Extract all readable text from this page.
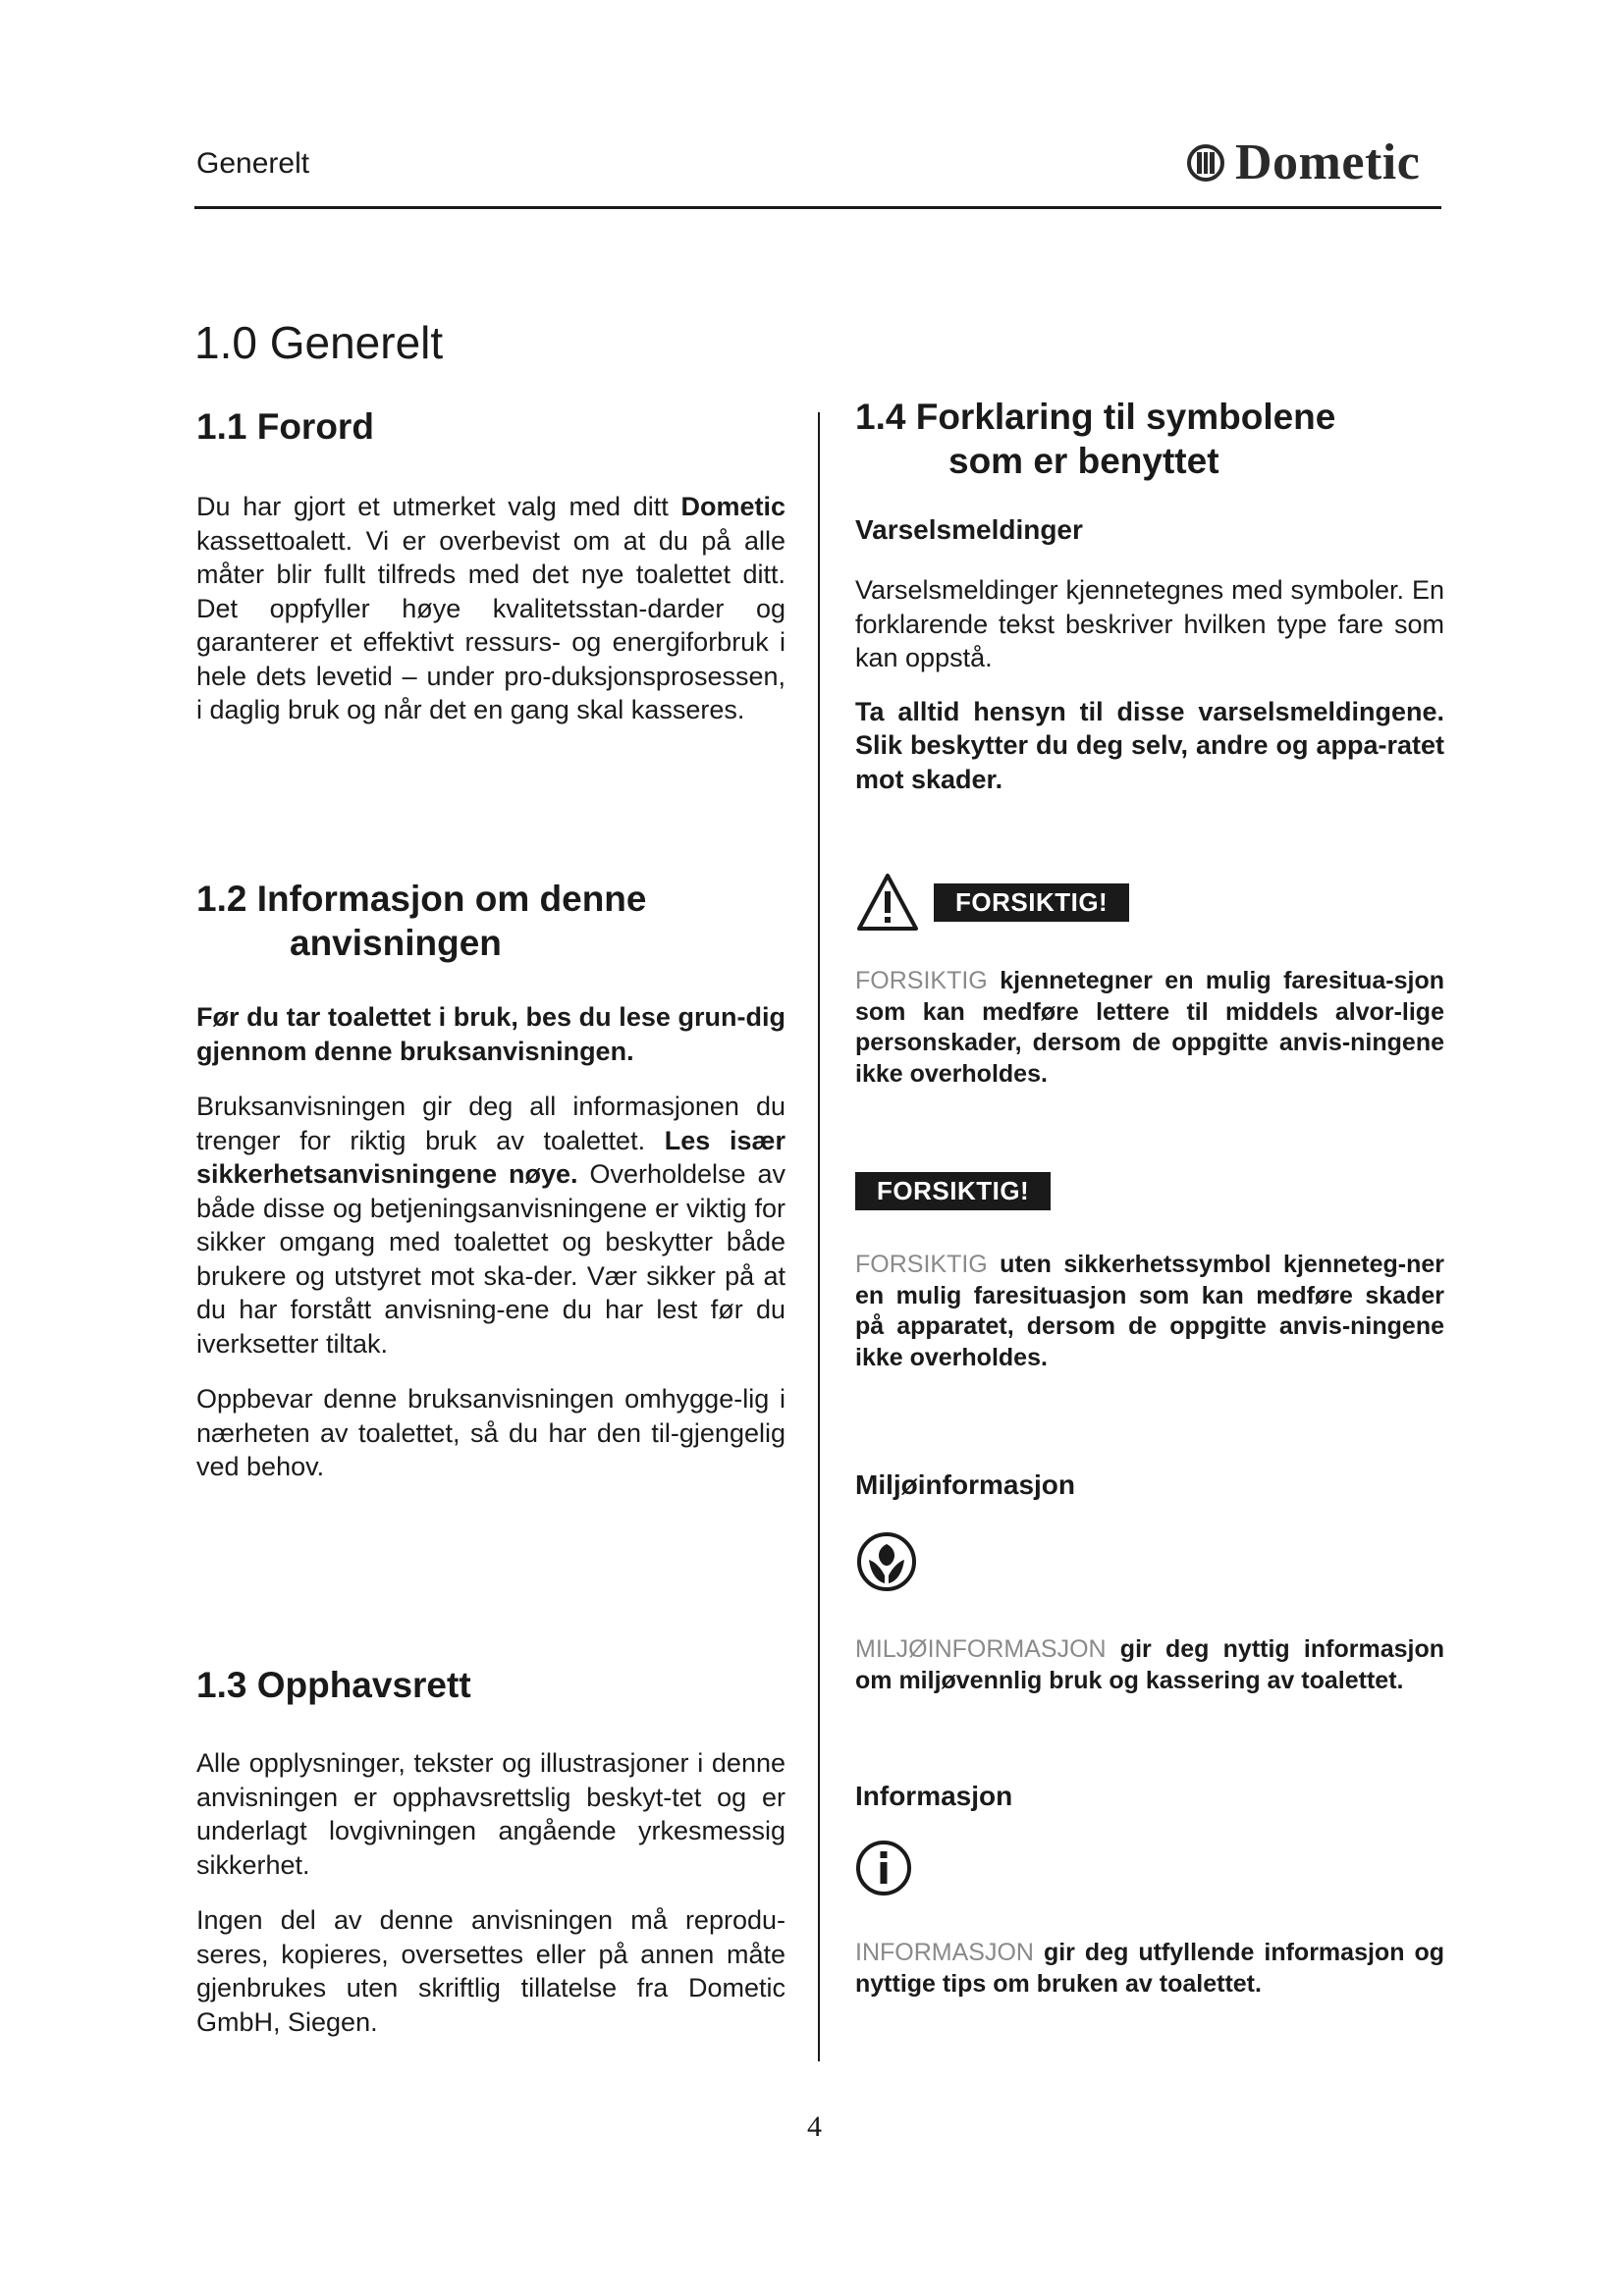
Generelt	Dometic
1.0 Generelt
1.1 Forord

Du har gjort et utmerket valg med ditt Dometic kassettoalett. Vi er overbevist om at du på alle måter blir fullt tilfreds med det nye toalettet ditt. Det oppfyller høye kvalitetsstan-darder og garanterer et effektivt ressurs- og energiforbruk i hele dets levetid – under pro-duksjonsprosessen, i daglig bruk og når det en gang skal kasseres.

1.2 Informasjon om denne
anvisningen

Før du tar toalettet i bruk, bes du lese grun-dig gjennom denne bruksanvisningen.

Bruksanvisningen gir deg all informasjonen du trenger for riktig bruk av toalettet. Les især sikkerhetsanvisningene nøye. Overholdelse av både disse og betjeningsanvisningene er viktig for sikker omgang med toalettet og beskytter både brukere og utstyret mot ska-der. Vær sikker på at du har forstått anvisning-ene du har lest før du iverksetter tiltak.

Oppbevar denne bruksanvisningen omhygge-lig i nærheten av toalettet, så du har den til-gjengelig ved behov.

1.3 Opphavsrett

Alle opplysninger, tekster og illustrasjoner i denne anvisningen er opphavsrettslig beskyt-tet og er underlagt lovgivningen angående yrkesmessig sikkerhet.

Ingen del av denne anvisningen må reprodu-seres, kopieres, oversettes eller på annen måte gjenbrukes uten skriftlig tillatelse fra Dometic GmbH, Siegen.

1.4 Forklaring til symbolene
som er benyttet
Varselsmeldinger

Varselsmeldinger kjennetegnes med symboler. En forklarende tekst beskriver hvilken type fare som kan oppstå.

Ta alltid hensyn til disse varselsmeldingene. Slik beskytter du deg selv, andre og appa-ratet mot skader.

FORSIKTIG!

FORSIKTIG kjennetegner en mulig faresitua-sjon som kan medføre lettere til middels alvor-lige personskader, dersom de oppgitte anvis-ningene ikke overholdes.

FORSIKTIG!

FORSIKTIG uten sikkerhetssymbol kjenneteg-ner en mulig faresituasjon som kan medføre skader på apparatet, dersom de oppgitte anvis-ningene ikke overholdes.

Miljøinformasjon

MILJØINFORMASJON gir deg nyttig informasjon om miljøvennlig bruk og kassering av toalettet.

Informasjon

INFORMASJON gir deg utfyllende informasjon og nyttige tips om bruken av toalettet.

4
